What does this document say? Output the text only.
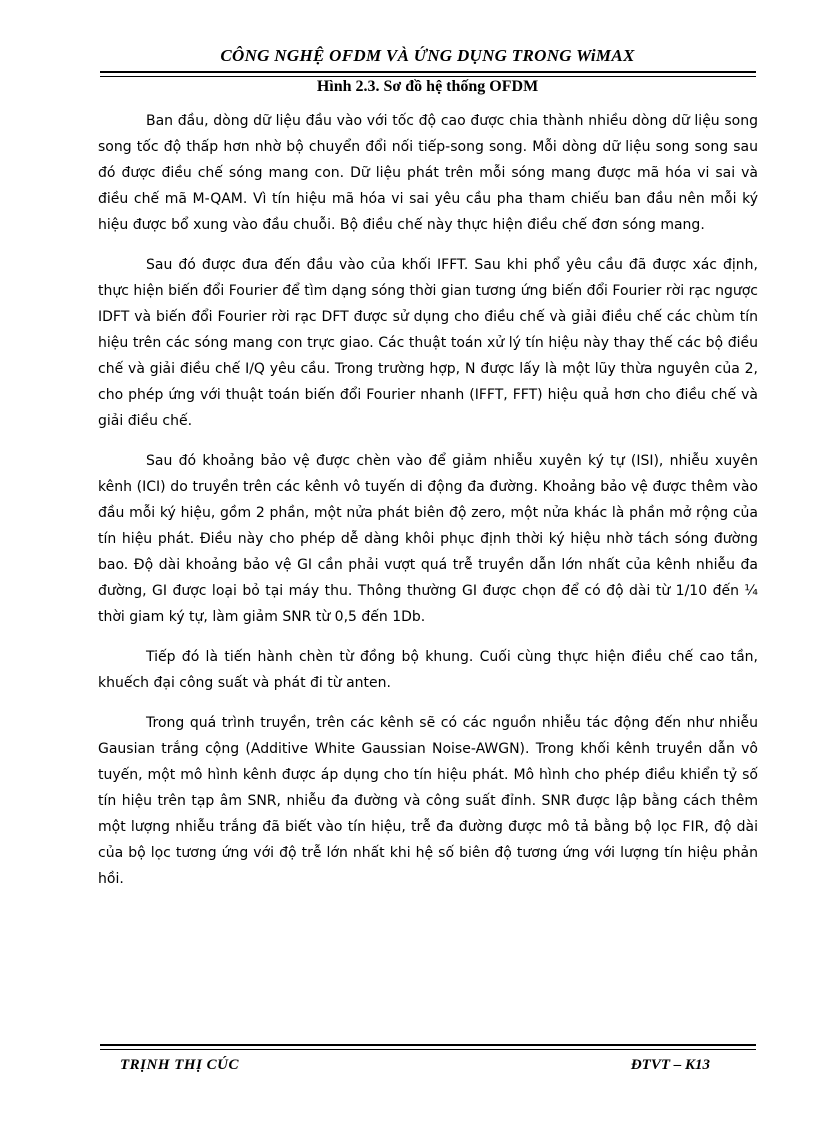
CÔNG NGHỆ OFDM VÀ ỨNG DỤNG TRONG WiMAX
Hình 2.3. Sơ đồ hệ thống OFDM

Ban đầu, dòng dữ liệu đầu vào với tốc độ cao được chia thành nhiều dòng dữ liệu song song tốc độ thấp hơn nhờ bộ chuyển đổi nối tiếp-song song. Mỗi dòng dữ liệu song song sau đó được điều chế sóng mang con. Dữ liệu phát trên mỗi sóng mang được mã hóa vi sai và điều chế mã M-QAM. Vì tín hiệu mã hóa vi sai yêu cầu pha tham chiếu ban đầu nên mỗi ký hiệu được bổ xung vào đầu chuỗi. Bộ điều chế này thực hiện điều chế đơn sóng mang.

Sau đó được đưa đến đầu vào của khối IFFT. Sau khi phổ yêu cầu đã được xác định, thực hiện biến đổi Fourier để tìm dạng sóng thời gian tương ứng biến đổi Fourier rời rạc ngược IDFT và biến đổi Fourier rời rạc DFT được sử dụng cho điều chế và giải điều chế các chùm tín hiệu trên các sóng mang con trực giao. Các thuật toán xử lý tín hiệu này thay thế các bộ điều chế và giải điều chế I/Q yêu cầu. Trong trường hợp, N được lấy là một lũy thừa nguyên của 2, cho phép ứng với thuật toán biến đổi Fourier nhanh (IFFT, FFT) hiệu quả hơn cho điều chế và giải điều chế.

Sau đó khoảng bảo vệ được chèn vào để giảm nhiễu xuyên ký tự (ISI), nhiễu xuyên kênh (ICI) do truyền trên các kênh vô tuyến di động đa đường. Khoảng bảo vệ được thêm vào đầu mỗi ký hiệu, gồm 2 phần, một nửa phát biên độ zero, một nửa khác là phần mở rộng của tín hiệu phát. Điều này cho phép dễ dàng khôi phục định thời ký hiệu nhờ tách sóng đường bao. Độ dài khoảng bảo vệ GI cần phải vượt quá trễ truyền dẫn lớn nhất của kênh nhiễu đa đường, GI được loại bỏ tại máy thu. Thông thường GI được chọn để có độ dài từ 1/10 đến ¼ thời giam ký tự, làm giảm SNR từ 0,5 đến 1Db.

Tiếp đó là tiến hành chèn từ đồng bộ khung. Cuối cùng thực hiện điều chế cao tần, khuếch đại công suất và phát đi từ anten.

Trong quá trình truyền, trên các kênh sẽ có các nguồn nhiễu tác động đến như nhiễu Gausian trắng cộng (Additive White Gaussian Noise-AWGN). Trong khối kênh truyền dẫn vô tuyến, một mô hình kênh được áp dụng cho tín hiệu phát. Mô hình cho phép điều khiển tỷ số tín hiệu trên tạp âm SNR, nhiễu đa đường và công suất đỉnh. SNR được lập bằng cách thêm một lượng nhiễu trắng đã biết vào tín hiệu, trễ đa đường được mô tả bằng bộ lọc FIR, độ dài của bộ lọc tương ứng với độ trễ lớn nhất khi hệ số biên độ tương ứng với lượng tín hiệu phản hồi.

TRỊNH THỊ CÚC	ĐTVT – K13
